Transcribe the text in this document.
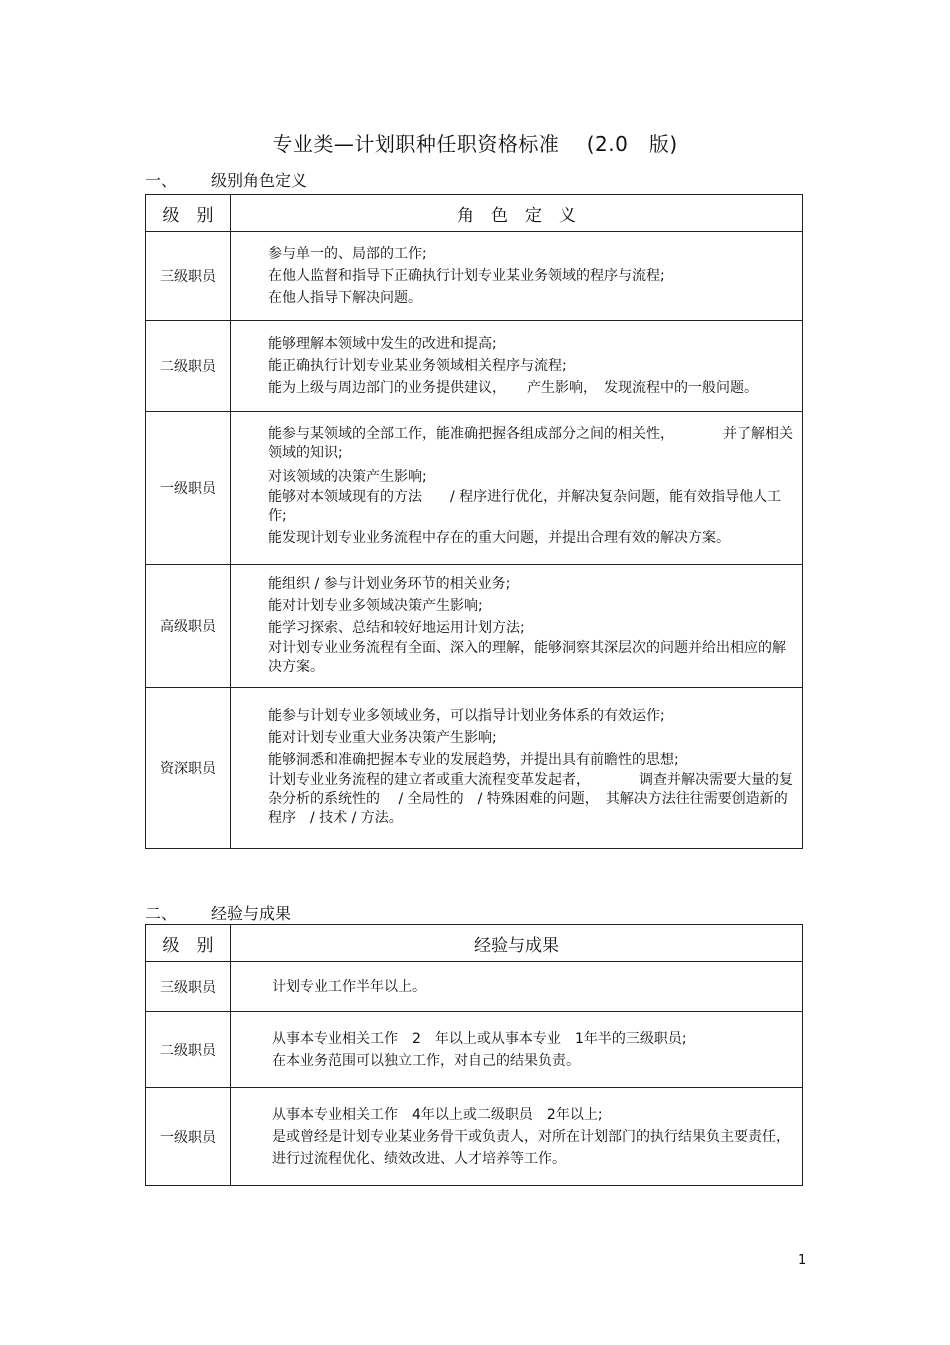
专业类—计划职种任职资格标准 　(2.0　版)
一、 级别角色定义
级　别	角　色　定　义
三级职员	参与单一的、局部的工作;
在他人监督和指导下正确执行计划专业某业务领域的程序与流程;
在他人指导下解决问题。

二级职员	能够理解本领域中发生的改进和提高;
能正确执行计划专业某业务领域相关程序与流程;
能为上级与周边部门的业务提供建议，　　产生影响，　发现流程中的一般问题。

一级职员	能参与某领域的全部工作，能准确把握各组成部分之间的相关性，　　　　并了解相关领域的知识;
对该领域的决策产生影响;
能够对本领域现有的方法　　/ 程序进行优化，并解决复杂问题，能有效指导他人工作;
能发现计划专业业务流程中存在的重大问题，并提出合理有效的解决方案。

高级职员	能组织 / 参与计划业务环节的相关业务;
能对计划专业多领域决策产生影响;
能学习探索、总结和较好地运用计划方法;
对计划专业业务流程有全面、深入的理解，能够洞察其深层次的问题并给出相应的解决方案。

资深职员	能参与计划专业多领域业务，可以指导计划业务体系的有效运作;
能对计划专业重大业务决策产生影响;
能够洞悉和准确把握本专业的发展趋势，并提出具有前瞻性的思想;
计划专业业务流程的建立者或重大流程变革发起者，　　　　调查并解决需要大量的复杂分析的系统性的　 / 全局性的　/ 特殊困难的问题，　其解决方法往往需要创造新的程序　/ 技术 / 方法。
二、 经验与成果
级　别	经验与成果
三级职员	计划专业工作半年以上。

二级职员	从事本专业相关工作　2　年以上或从事本专业　1年半的三级职员;
在本业务范围可以独立工作，对自己的结果负责。

一级职员	从事本专业相关工作　4年以上或二级职员　2年以上;
是或曾经是计划专业某业务骨干或负责人，对所在计划部门的执行结果负主要责任，进行过流程优化、绩效改进、人才培养等工作。
1
